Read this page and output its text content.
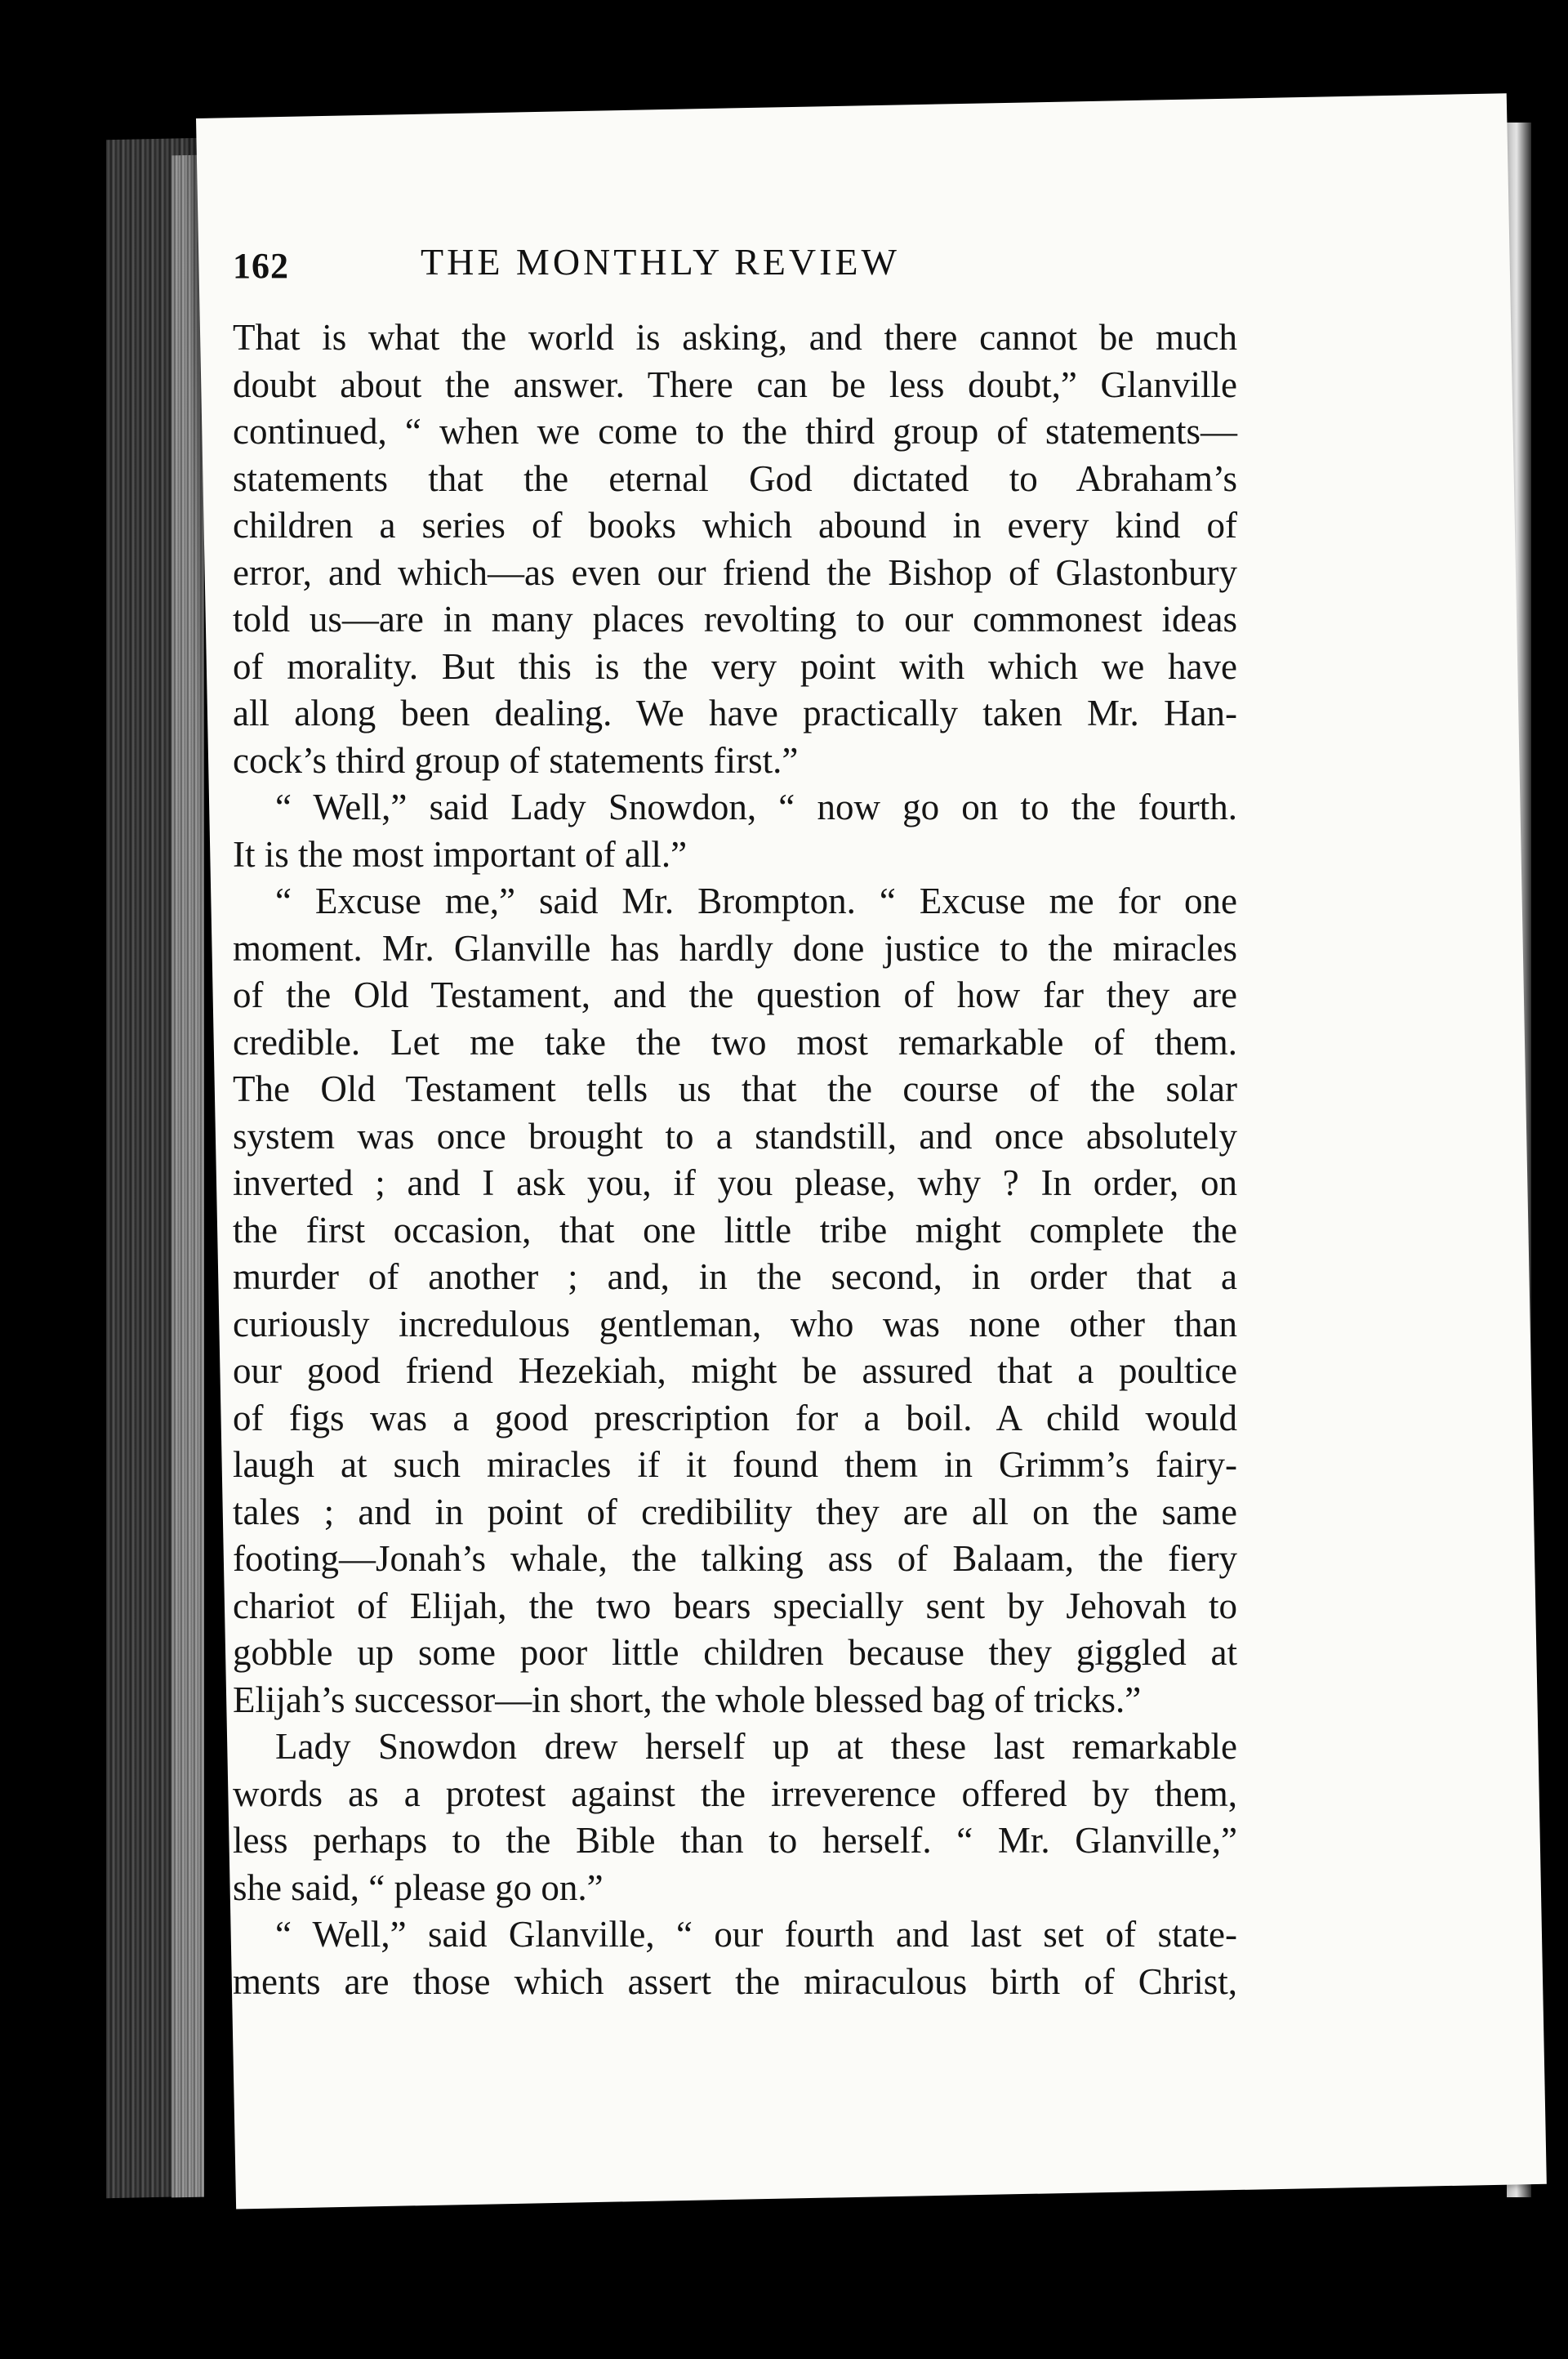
162	THE MONTHLY REVIEW
That is what the world is asking, and there cannot be much
doubt about the answer. There can be less doubt,” Glanville
continued, “ when we come to the third group of statements—
statements that the eternal God dictated to Abraham’s
children a series of books which abound in every kind of
error, and which—as even our friend the Bishop of Glastonbury
told us—are in many places revolting to our commonest ideas
of morality. But this is the very point with which we have
all along been dealing. We have practically taken Mr. Han-
cock’s third group of statements first.”
“ Well,” said Lady Snowdon, “ now go on to the fourth.
It is the most important of all.”
“ Excuse me,” said Mr. Brompton. “ Excuse me for one
moment. Mr. Glanville has hardly done justice to the miracles
of the Old Testament, and the question of how far they are
credible. Let me take the two most remarkable of them.
The Old Testament tells us that the course of the solar
system was once brought to a standstill, and once absolutely
inverted ; and I ask you, if you please, why ? In order, on
the first occasion, that one little tribe might complete the
murder of another ; and, in the second, in order that a
curiously incredulous gentleman, who was none other than
our good friend Hezekiah, might be assured that a poultice
of figs was a good prescription for a boil. A child would
laugh at such miracles if it found them in Grimm’s fairy-
tales ; and in point of credibility they are all on the same
footing—Jonah’s whale, the talking ass of Balaam, the fiery
chariot of Elijah, the two bears specially sent by Jehovah to
gobble up some poor little children because they giggled at
Elijah’s successor—in short, the whole blessed bag of tricks.”
Lady Snowdon drew herself up at these last remarkable
words as a protest against the irreverence offered by them,
less perhaps to the Bible than to herself. “ Mr. Glanville,”
she said, “ please go on.”
“ Well,” said Glanville, “ our fourth and last set of state-
ments are those which assert the miraculous birth of Christ,
